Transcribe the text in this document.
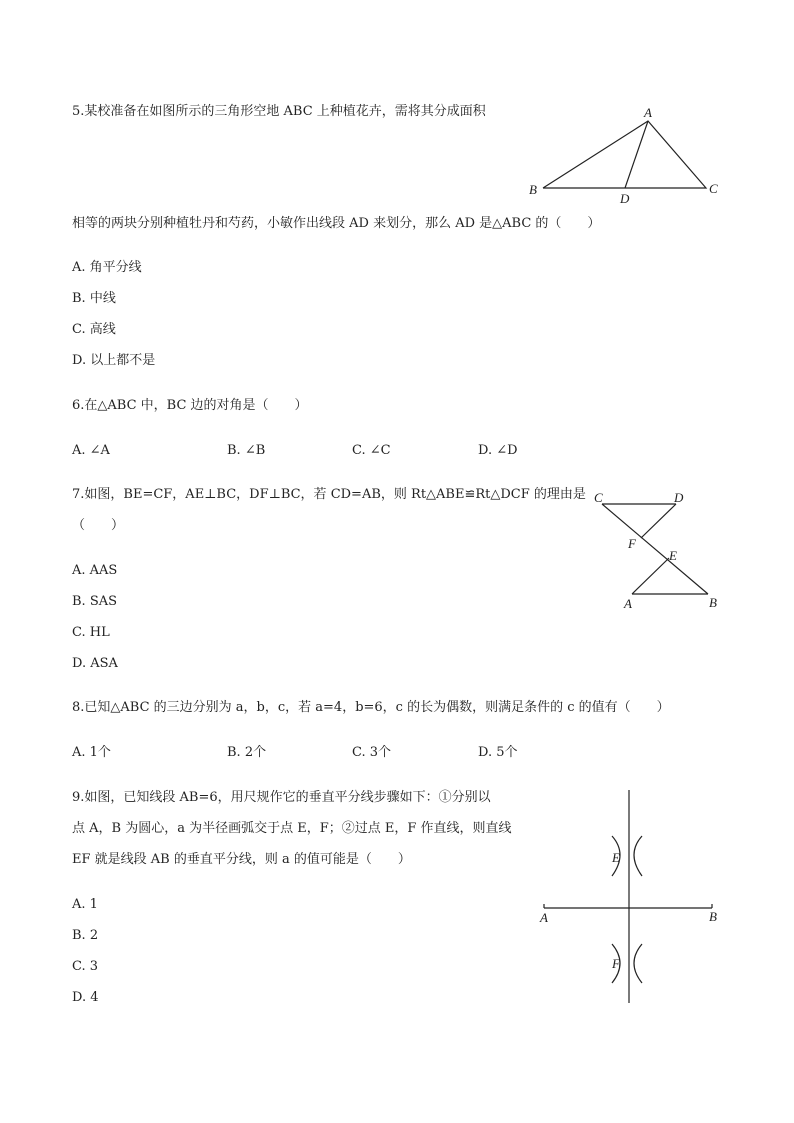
5.某校准备在如图所示的三角形空地 ABC 上种植花卉，需将其分成面积	A
B	C
D
相等的两块分别种植牡丹和芍药，小敏作出线段 AD 来划分，那么 AD 是△ABC 的（　　）
A. 角平分线
B. 中线
C. 高线
D. 以上都不是
6.在△ABC 中，BC 边的对角是（　　）
A. ∠A	B. ∠B	C. ∠C	D. ∠D
7.如图，BE=CF，AE⊥BC，DF⊥BC，若 CD=AB，则 Rt△ABE≌Rt△DCF 的理由是
（　　）
C	D
F
E
A	B
A. AAS
B. SAS
C. HL
D. ASA
8.已知△ABC 的三边分别为 a，b，c，若 a=4，b=6，c 的长为偶数，则满足条件的 c 的值有（　　）
A. 1个	B. 2个	C. 3个	D. 5个
9.如图，已知线段 AB=6，用尺规作它的垂直平分线步骤如下：①分别以
点 A，B 为圆心，a 为半径画弧交于点 E，F；②过点 E，F 作直线，则直线
EF 就是线段 AB 的垂直平分线，则 a 的值可能是（　　）	E
F
A	B
A. 1
B. 2
C. 3
D. 4
